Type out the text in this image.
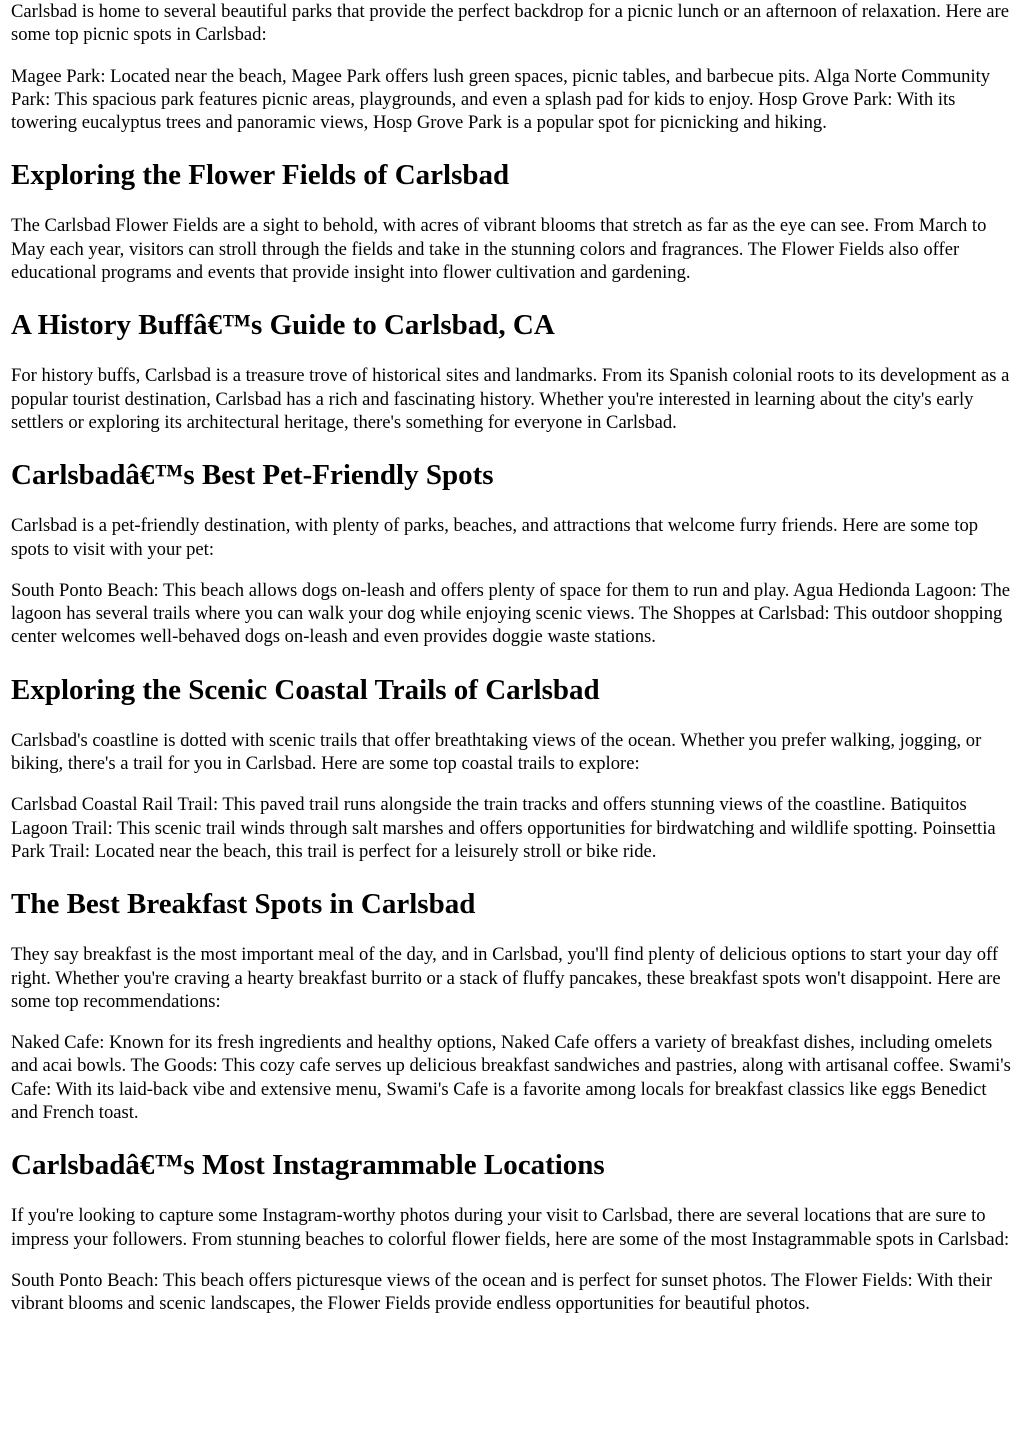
Carlsbad is home to several beautiful parks that provide the perfect backdrop for a picnic lunch or an afternoon of relaxation. Here are some top picnic spots in Carlsbad:

Magee Park: Located near the beach, Magee Park offers lush green spaces, picnic tables, and barbecue pits. Alga Norte Community Park: This spacious park features picnic areas, playgrounds, and even a splash pad for kids to enjoy. Hosp Grove Park: With its towering eucalyptus trees and panoramic views, Hosp Grove Park is a popular spot for picnicking and hiking.

Exploring the Flower Fields of Carlsbad

The Carlsbad Flower Fields are a sight to behold, with acres of vibrant blooms that stretch as far as the eye can see. From March to May each year, visitors can stroll through the fields and take in the stunning colors and fragrances. The Flower Fields also offer educational programs and events that provide insight into flower cultivation and gardening.

A History Buffâ€™s Guide to Carlsbad, CA

For history buffs, Carlsbad is a treasure trove of historical sites and landmarks. From its Spanish colonial roots to its development as a popular tourist destination, Carlsbad has a rich and fascinating history. Whether you're interested in learning about the city's early settlers or exploring its architectural heritage, there's something for everyone in Carlsbad.

Carlsbadâ€™s Best Pet-Friendly Spots

Carlsbad is a pet-friendly destination, with plenty of parks, beaches, and attractions that welcome furry friends. Here are some top spots to visit with your pet:

South Ponto Beach: This beach allows dogs on-leash and offers plenty of space for them to run and play. Agua Hedionda Lagoon: The lagoon has several trails where you can walk your dog while enjoying scenic views. The Shoppes at Carlsbad: This outdoor shopping center welcomes well-behaved dogs on-leash and even provides doggie waste stations.

Exploring the Scenic Coastal Trails of Carlsbad

Carlsbad's coastline is dotted with scenic trails that offer breathtaking views of the ocean. Whether you prefer walking, jogging, or biking, there's a trail for you in Carlsbad. Here are some top coastal trails to explore:

Carlsbad Coastal Rail Trail: This paved trail runs alongside the train tracks and offers stunning views of the coastline. Batiquitos Lagoon Trail: This scenic trail winds through salt marshes and offers opportunities for birdwatching and wildlife spotting. Poinsettia Park Trail: Located near the beach, this trail is perfect for a leisurely stroll or bike ride.

The Best Breakfast Spots in Carlsbad

They say breakfast is the most important meal of the day, and in Carlsbad, you'll find plenty of delicious options to start your day off right. Whether you're craving a hearty breakfast burrito or a stack of fluffy pancakes, these breakfast spots won't disappoint. Here are some top recommendations:

Naked Cafe: Known for its fresh ingredients and healthy options, Naked Cafe offers a variety of breakfast dishes, including omelets and acai bowls. The Goods: This cozy cafe serves up delicious breakfast sandwiches and pastries, along with artisanal coffee. Swami's Cafe: With its laid-back vibe and extensive menu, Swami's Cafe is a favorite among locals for breakfast classics like eggs Benedict and French toast.

Carlsbadâ€™s Most Instagrammable Locations

If you're looking to capture some Instagram-worthy photos during your visit to Carlsbad, there are several locations that are sure to impress your followers. From stunning beaches to colorful flower fields, here are some of the most Instagrammable spots in Carlsbad:

South Ponto Beach: This beach offers picturesque views of the ocean and is perfect for sunset photos. The Flower Fields: With their vibrant blooms and scenic landscapes, the Flower Fields provide endless opportunities for beautiful photos.
